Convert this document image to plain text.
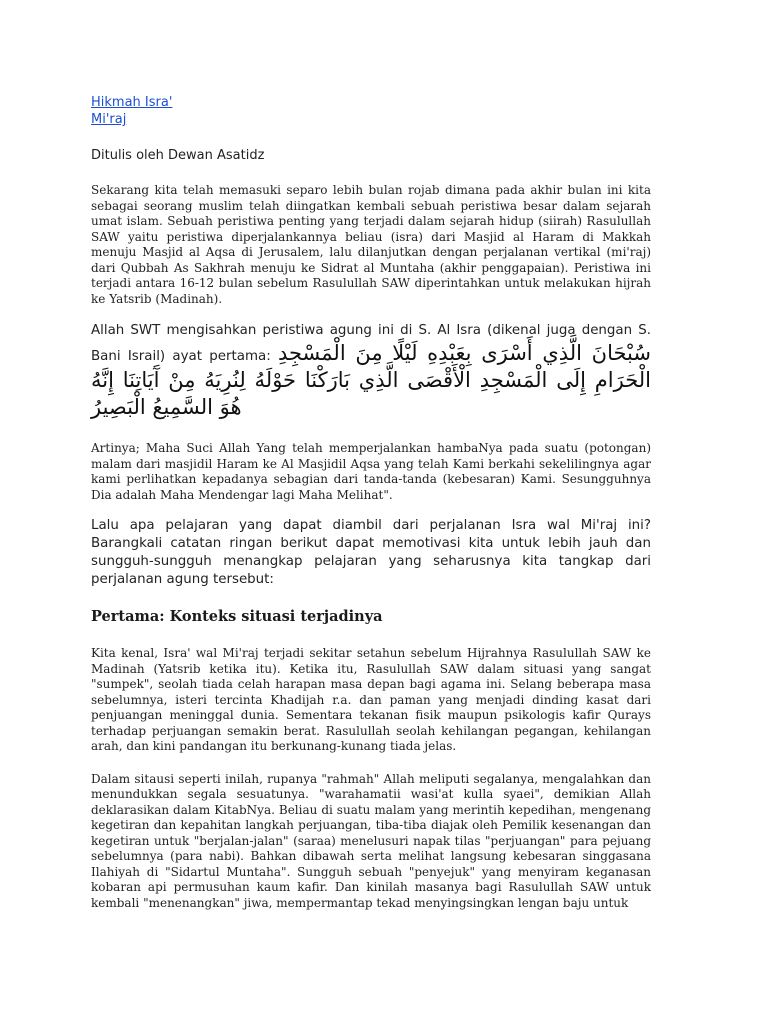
Hikmah Isra'
Mi'raj
Ditulis oleh Dewan Asatidz

Sekarang kita telah memasuki separo lebih bulan rojab dimana pada akhir bulan ini kita sebagai seorang muslim telah diingatkan kembali sebuah peristiwa besar dalam sejarah umat islam. Sebuah peristiwa penting yang terjadi dalam sejarah hidup (siirah) Rasulullah SAW yaitu peristiwa diperjalankannya beliau (isra) dari Masjid al Haram di Makkah menuju Masjid al Aqsa di Jerusalem, lalu dilanjutkan dengan perjalanan vertikal (mi'raj) dari Qubbah As Sakhrah menuju ke Sidrat al Muntaha (akhir penggapaian). Peristiwa ini terjadi antara 16-12 bulan sebelum Rasulullah SAW diperintahkan untuk melakukan hijrah ke Yatsrib (Madinah).

Allah SWT mengisahkan peristiwa agung ini di S. Al Isra (dikenal juga dengan S. Bani Israil) ayat pertama: سُبْحَانَ الَّذِي أَسْرَى بِعَبْدِهِ لَيْلًا مِنَ الْمَسْجِدِ الْحَرَامِ إِلَى الْمَسْجِدِ الْأَقْصَى الَّذِي بَارَكْنَا حَوْلَهُ لِنُرِيَهُ مِنْ آَيَاتِنَا إِنَّهُ هُوَ السَّمِيعُ الْبَصِيرُ

Artinya; Maha Suci Allah Yang telah memperjalankan hambaNya pada suatu (potongan) malam dari masjidil Haram ke Al Masjidil Aqsa yang telah Kami berkahi sekelilingnya agar kami perlihatkan kepadanya sebagian dari tanda-tanda (kebesaran) Kami. Sesungguhnya Dia adalah Maha Mendengar lagi Maha Melihat".

Lalu apa pelajaran yang dapat diambil dari perjalanan Isra wal Mi'raj ini? Barangkali catatan ringan berikut dapat memotivasi kita untuk lebih jauh dan sungguh-sungguh menangkap pelajaran yang seharusnya kita tangkap dari perjalanan agung tersebut:

Pertama: Konteks situasi terjadinya

Kita kenal, Isra' wal Mi'raj terjadi sekitar setahun sebelum Hijrahnya Rasulullah SAW ke Madinah (Yatsrib ketika itu). Ketika itu, Rasulullah SAW dalam situasi yang sangat "sumpek", seolah tiada celah harapan masa depan bagi agama ini. Selang beberapa masa sebelumnya, isteri tercinta Khadijah r.a. dan paman yang menjadi dinding kasat dari penjuangan meninggal dunia. Sementara tekanan fisik maupun psikologis kafir Qurays terhadap perjuangan semakin berat. Rasulullah seolah kehilangan pegangan, kehilangan arah, dan kini pandangan itu berkunang-kunang tiada jelas.

Dalam sitausi seperti inilah, rupanya "rahmah" Allah meliputi segalanya, mengalahkan dan menundukkan segala sesuatunya. "warahamatii wasi'at kulla syaei", demikian Allah deklarasikan dalam KitabNya. Beliau di suatu malam yang merintih kepedihan, mengenang kegetiran dan kepahitan langkah perjuangan, tiba-tiba diajak oleh Pemilik kesenangan dan kegetiran untuk "berjalan-jalan" (saraa) menelusuri napak tilas "perjuangan" para pejuang sebelumnya (para nabi). Bahkan dibawah serta melihat langsung kebesaran singgasana Ilahiyah di "Sidartul Muntaha". Sungguh sebuah "penyejuk" yang menyiram keganasan kobaran api permusuhan kaum kafir. Dan kinilah masanya bagi Rasulullah SAW untuk kembali "menenangkan" jiwa, mempermantap tekad menyingsingkan lengan baju untuk
